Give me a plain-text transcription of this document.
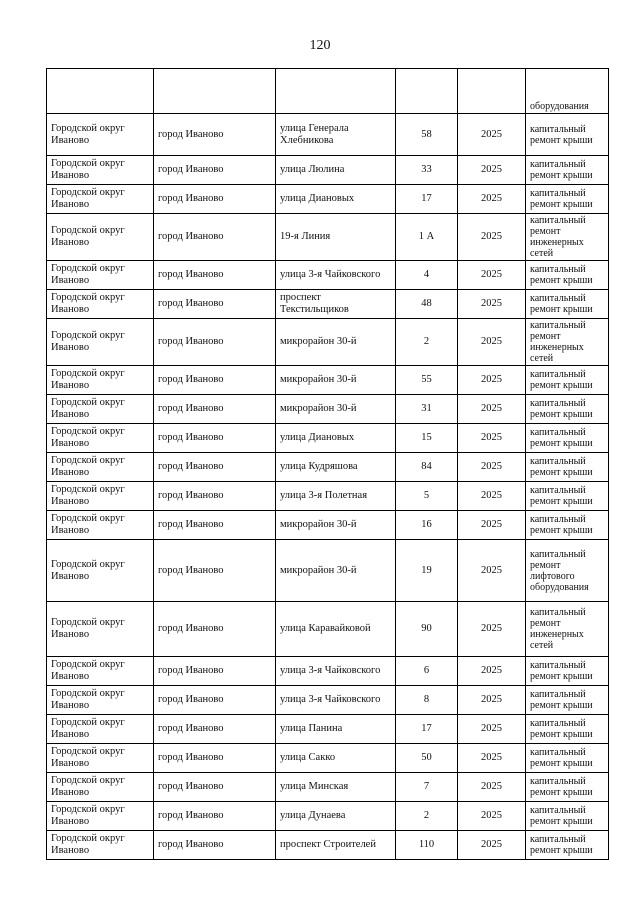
120
					оборудования
Городской округ Иваново	город Иваново	улица Генерала Хлебникова	58	2025	капитальный ремонт крыши
Городской округ Иваново	город Иваново	улица Люлина	33	2025	капитальный ремонт крыши
Городской округ Иваново	город Иваново	улица Диановых	17	2025	капитальный ремонт крыши
Городской округ Иваново	город Иваново	19-я Линия	1 А	2025	капитальный ремонт инженерных сетей
Городской округ Иваново	город Иваново	улица 3-я Чайковского	4	2025	капитальный ремонт крыши
Городской округ Иваново	город Иваново	проспект Текстильщиков	48	2025	капитальный ремонт крыши
Городской округ Иваново	город Иваново	микрорайон 30-й	2	2025	капитальный ремонт инженерных сетей
Городской округ Иваново	город Иваново	микрорайон 30-й	55	2025	капитальный ремонт крыши
Городской округ Иваново	город Иваново	микрорайон 30-й	31	2025	капитальный ремонт крыши
Городской округ Иваново	город Иваново	улица Диановых	15	2025	капитальный ремонт крыши
Городской округ Иваново	город Иваново	улица Кудряшова	84	2025	капитальный ремонт крыши
Городской округ Иваново	город Иваново	улица 3-я Полетная	5	2025	капитальный ремонт крыши
Городской округ Иваново	город Иваново	микрорайон 30-й	16	2025	капитальный ремонт крыши
Городской округ Иваново	город Иваново	микрорайон 30-й	19	2025	капитальный ремонт лифтового оборудования
Городской округ Иваново	город Иваново	улица Каравайковой	90	2025	капитальный ремонт инженерных сетей
Городской округ Иваново	город Иваново	улица 3-я Чайковского	6	2025	капитальный ремонт крыши
Городской округ Иваново	город Иваново	улица 3-я Чайковского	8	2025	капитальный ремонт крыши
Городской округ Иваново	город Иваново	улица Панина	17	2025	капитальный ремонт крыши
Городской округ Иваново	город Иваново	улица Сакко	50	2025	капитальный ремонт крыши
Городской округ Иваново	город Иваново	улица Минская	7	2025	капитальный ремонт крыши
Городской округ Иваново	город Иваново	улица Дунаева	2	2025	капитальный ремонт крыши
Городской округ Иваново	город Иваново	проспект Строителей	110	2025	капитальный ремонт крыши
